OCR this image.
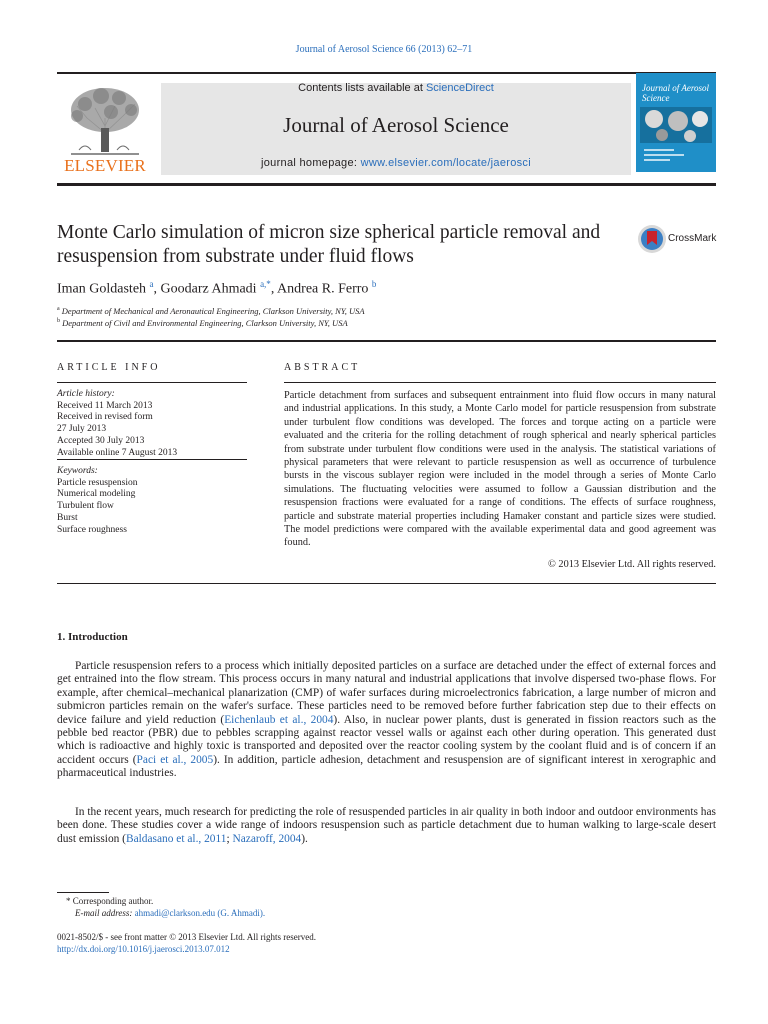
Journal of Aerosol Science 66 (2013) 62–71
ELSEVIER
Contents lists available at ScienceDirect
Journal of Aerosol Science
journal homepage: www.elsevier.com/locate/jaerosci
Journal of Aerosol Science
Monte Carlo simulation of micron size spherical particle removal and resuspension from substrate under fluid flows
CrossMark
Iman Goldasteh $^a$, Goodarz Ahmadi $^{a,*}$, Andrea R. Ferro $^b$
$^a$ Department of Mechanical and Aeronautical Engineering, Clarkson University, NY, USA
$^b$ Department of Civil and Environmental Engineering, Clarkson University, NY, USA
ARTICLE INFO
Article history:
Received 11 March 2013
Received in revised form
27 July 2013
Accepted 30 July 2013
Available online 7 August 2013
Keywords:
Particle resuspension
Numerical modeling
Turbulent flow
Burst
Surface roughness
ABSTRACT
Particle detachment from surfaces and subsequent entrainment into fluid flow occurs in many natural and industrial applications. In this study, a Monte Carlo model for particle resuspension from substrate under turbulent flow conditions was developed. The forces and torque acting on a particle were evaluated and the criteria for the rolling detachment of rough spherical and nearly spherical particles from substrate under turbulent flow conditions were used in the analysis. The statistical variations of physical parameters that were relevant to particle resuspension as well as occurrence of turbulence bursts in the viscous sublayer region were included in the model through a series of Monte Carlo simulations. The fluctuating velocities were assumed to follow a Gaussian distribution and the resuspension fractions were evaluated for a range of conditions. The effects of surface roughness, particle and substrate material properties including Hamaker constant and particle sizes were studied. The model predictions were compared with the available experimental data and good agreement was found.
© 2013 Elsevier Ltd. All rights reserved.
1. Introduction
Particle resuspension refers to a process which initially deposited particles on a surface are detached under the effect of external forces and get entrained into the flow stream. This process occurs in many natural and industrial applications that involve dispersed two-phase flows. For example, after chemical–mechanical planarization (CMP) of wafer surfaces during microelectronics fabrication, a large number of micron and submicron particles remain on the wafer's surface. These particles need to be removed before further fabrication step due to their effects on device failure and yield reduction (Eichenlaub et al., 2004). Also, in nuclear power plants, dust is generated in fission reactors such as the pebble bed reactor (PBR) due to pebbles scrapping against reactor vessel walls or against each other during operation. This generated dust which is radioactive and highly toxic is transported and deposited over the reactor cooling system by the coolant fluid and is of concern if an accident occurs (Paci et al., 2005). In addition, particle adhesion, detachment and resuspension are of significant interest in xerographic and pharmaceutical industries.
In the recent years, much research for predicting the role of resuspended particles in air quality in both indoor and outdoor environments has been done. These studies cover a wide range of indoors resuspension such as particle detachment due to human walking to large-scale desert dust emission (Baldasano et al., 2011; Nazaroff, 2004).
* Corresponding author.
E-mail address: ahmadi@clarkson.edu (G. Ahmadi).
0021-8502/$ - see front matter © 2013 Elsevier Ltd. All rights reserved.
http://dx.doi.org/10.1016/j.jaerosci.2013.07.012
